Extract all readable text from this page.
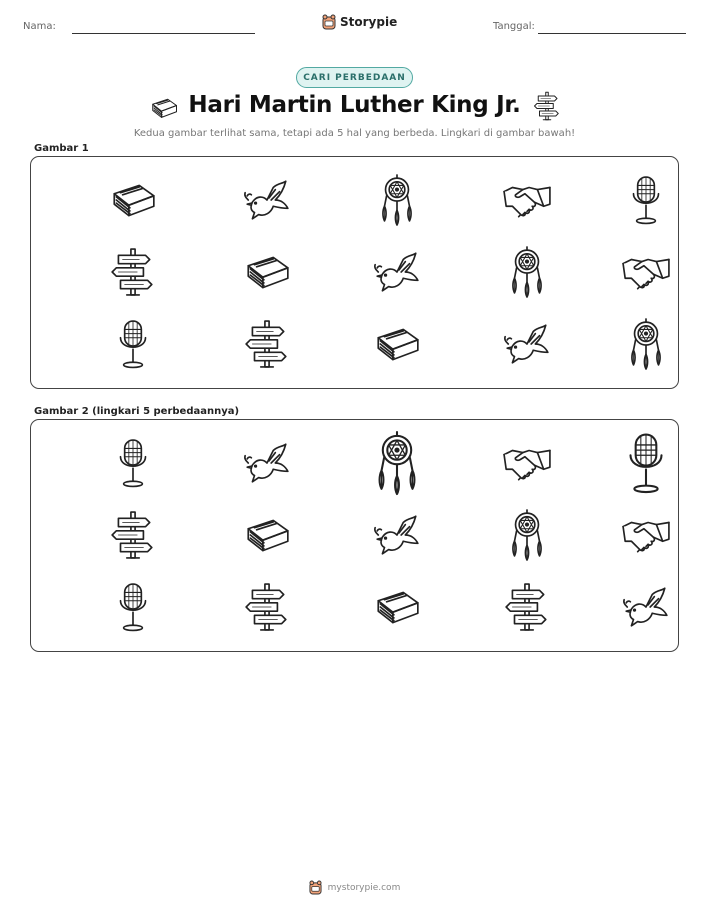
Nama:	Storypie	Tanggal:
CARI PERBEDAAN
Hari Martin Luther King Jr.
Kedua gambar terlihat sama, tetapi ada 5 hal yang berbeda. Lingkari di gambar bawah!
Gambar 1
Gambar 2 (lingkari 5 perbedaannya)
mystorypie.com
